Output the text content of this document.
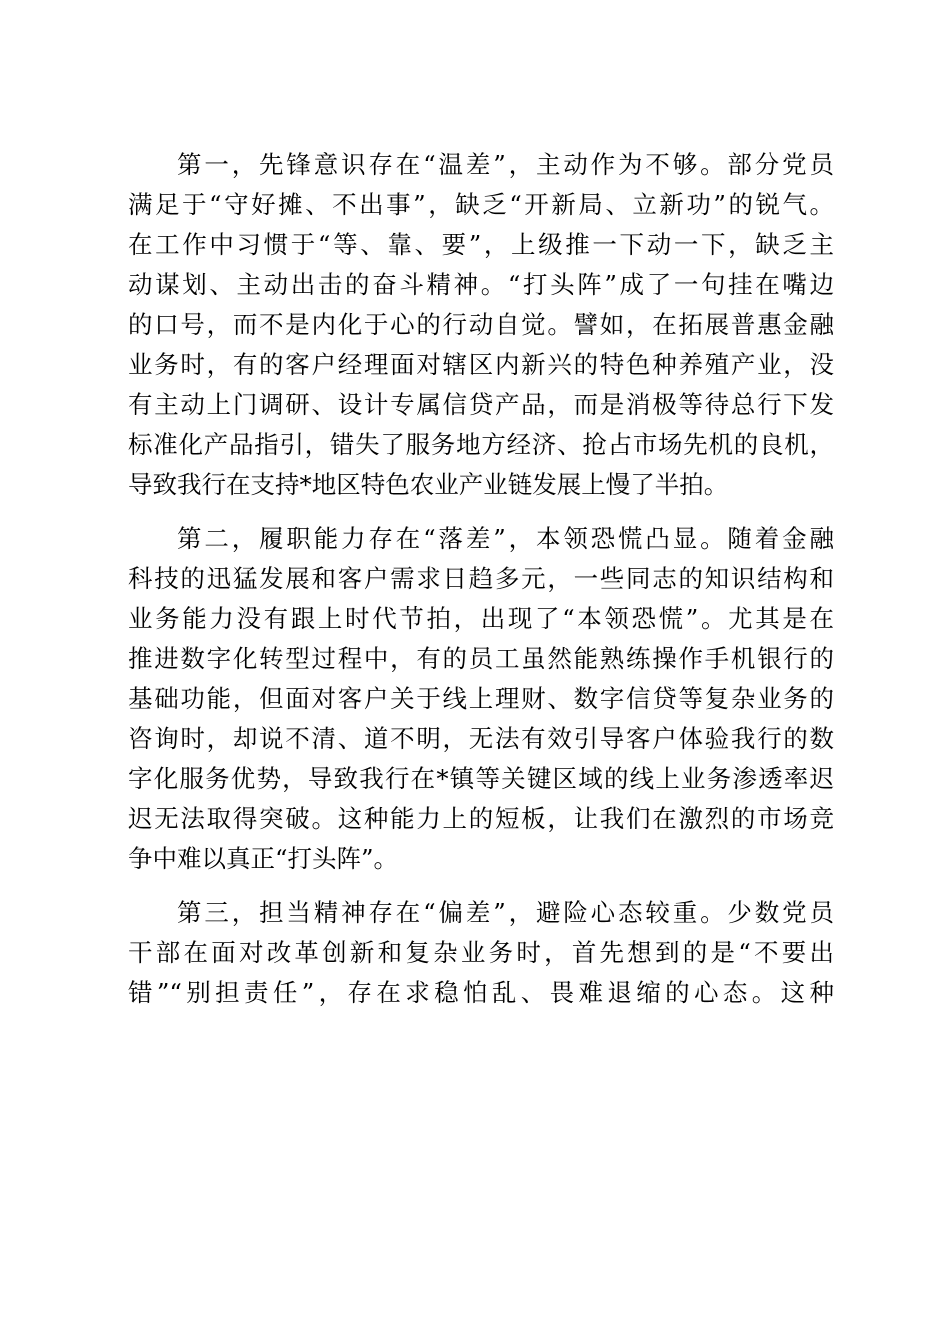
第一，先锋意识存在“温差”，主动作为不够。部分党员
满足于“守好摊、不出事”，缺乏“开新局、立新功”的锐气。
在工作中习惯于“等、靠、要”，上级推一下动一下，缺乏主
动谋划、主动出击的奋斗精神。“打头阵”成了一句挂在嘴边
的口号，而不是内化于心的行动自觉。譬如，在拓展普惠金融
业务时，有的客户经理面对辖区内新兴的特色种养殖产业，没
有主动上门调研、设计专属信贷产品，而是消极等待总行下发
标准化产品指引，错失了服务地方经济、抢占市场先机的良机，
导致我行在支持*地区特色农业产业链发展上慢了半拍。

第二，履职能力存在“落差”，本领恐慌凸显。随着金融
科技的迅猛发展和客户需求日趋多元，一些同志的知识结构和
业务能力没有跟上时代节拍，出现了“本领恐慌”。尤其是在
推进数字化转型过程中，有的员工虽然能熟练操作手机银行的
基础功能，但面对客户关于线上理财、数字信贷等复杂业务的
咨询时，却说不清、道不明，无法有效引导客户体验我行的数
字化服务优势，导致我行在*镇等关键区域的线上业务渗透率迟
迟无法取得突破。这种能力上的短板，让我们在激烈的市场竞
争中难以真正“打头阵”。

第三，担当精神存在“偏差”，避险心态较重。少数党员
干部在面对改革创新和复杂业务时，首先想到的是“不要出
错”“别担责任”，存在求稳怕乱、畏难退缩的心态。这种
